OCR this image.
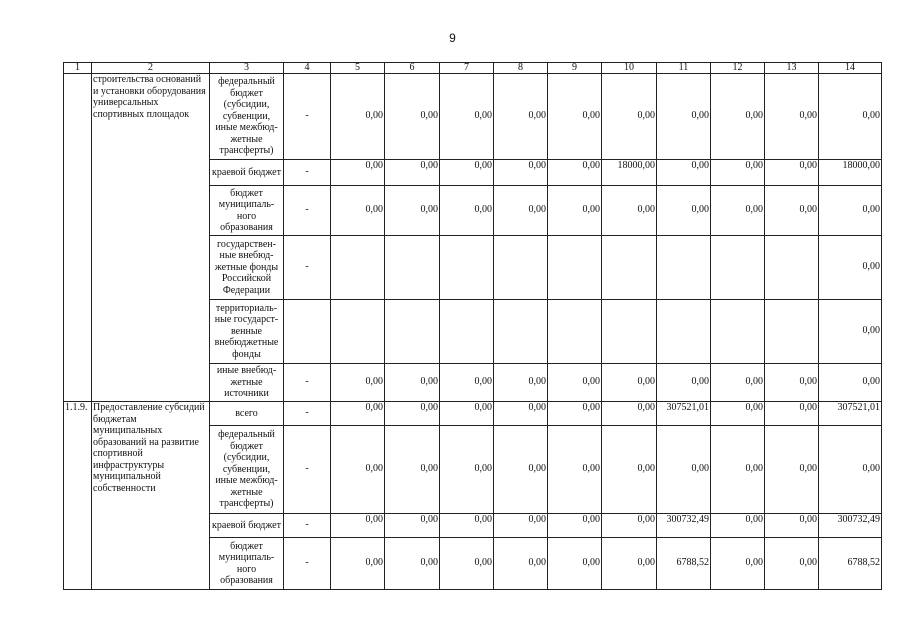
9
1	2	3	4	5	6	7	8	9	10	11	12	13	14
	строительства оснований и установки оборудования универсальных спортивных площадок	федеральный бюджет (субсидии, субвенции, иные межбюд-жетные трансферты)	-	0,00	0,00	0,00	0,00	0,00	0,00	0,00	0,00	0,00	0,00
		краевой бюджет	-	0,00	0,00	0,00	0,00	0,00	18000,00	0,00	0,00	0,00	18000,00
		бюджет муниципаль-ного образования	-	0,00	0,00	0,00	0,00	0,00	0,00	0,00	0,00	0,00	0,00
		государствен-ные внебюд-жетные фонды Российской Федерации	-										0,00
		территориаль-ные государст-венные внебюджетные фонды											0,00
		иные внебюд-жетные источники	-	0,00	0,00	0,00	0,00	0,00	0,00	0,00	0,00	0,00	0,00
1.1.9.	Предоставление субсидий бюджетам муниципальных образований на развитие спортивной инфраструктуры муниципальной собственности	всего	-	0,00	0,00	0,00	0,00	0,00	0,00	307521,01	0,00	0,00	307521,01
		федеральный бюджет (субсидии, субвенции, иные межбюд-жетные трансферты)	-	0,00	0,00	0,00	0,00	0,00	0,00	0,00	0,00	0,00	0,00
		краевой бюджет	-	0,00	0,00	0,00	0,00	0,00	0,00	300732,49	0,00	0,00	300732,49
		бюджет муниципаль-ного образования	-	0,00	0,00	0,00	0,00	0,00	0,00	6788,52	0,00	0,00	6788,52
